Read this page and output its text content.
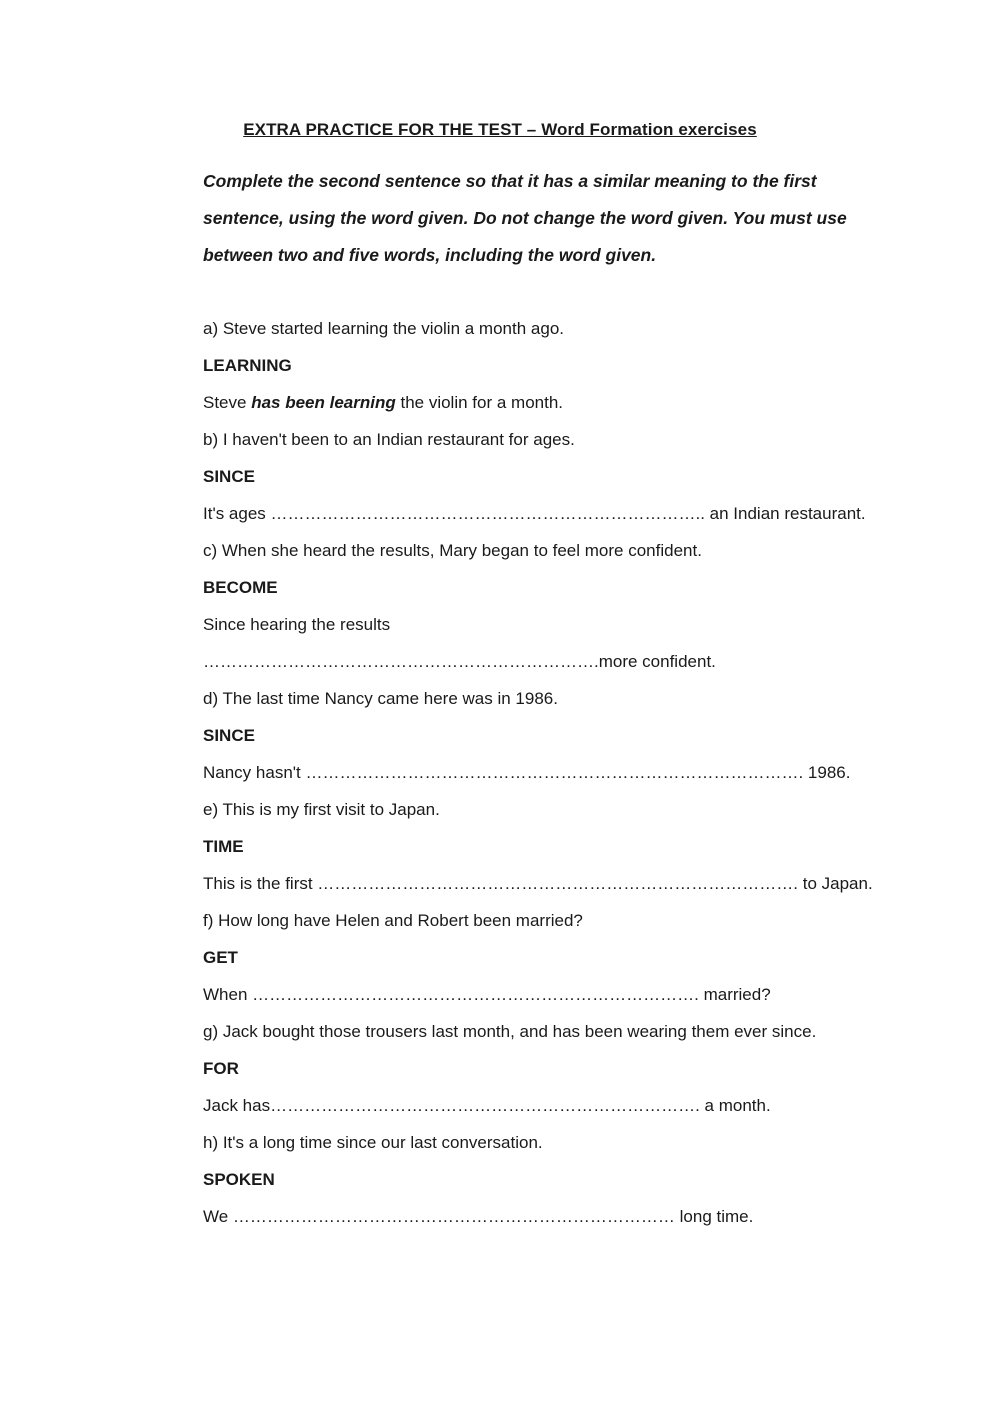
EXTRA PRACTICE FOR THE TEST – Word Formation exercises

Complete the second sentence so that it has a similar meaning to the first sentence, using the word given. Do not change the word given. You must use between two and five words, including the word given.

a) Steve started learning the violin a month ago.
LEARNING
Steve has been learning the violin for a month.
b) I haven't been to an Indian restaurant for ages.
SINCE
It's ages ………………………………………………………………….. an Indian restaurant.
c) When she heard the results, Mary began to feel more confident.
BECOME
Since hearing the results …………………………………………………………….more confident.
d) The last time Nancy came here was in 1986.
SINCE
Nancy hasn't ……………………………………………………………………………. 1986.
e) This is my first visit to Japan.
TIME
This is the first …………………………………………………………………………. to Japan.
f) How long have Helen and Robert been married?
GET
When ……………………………………………………………………. married?
g) Jack bought those trousers last month, and has been wearing them ever since.
FOR
Jack has…………………………………………………………………. a month.
h) It's a long time since our last conversation.
SPOKEN
We …………………………………………………………………… long time.
